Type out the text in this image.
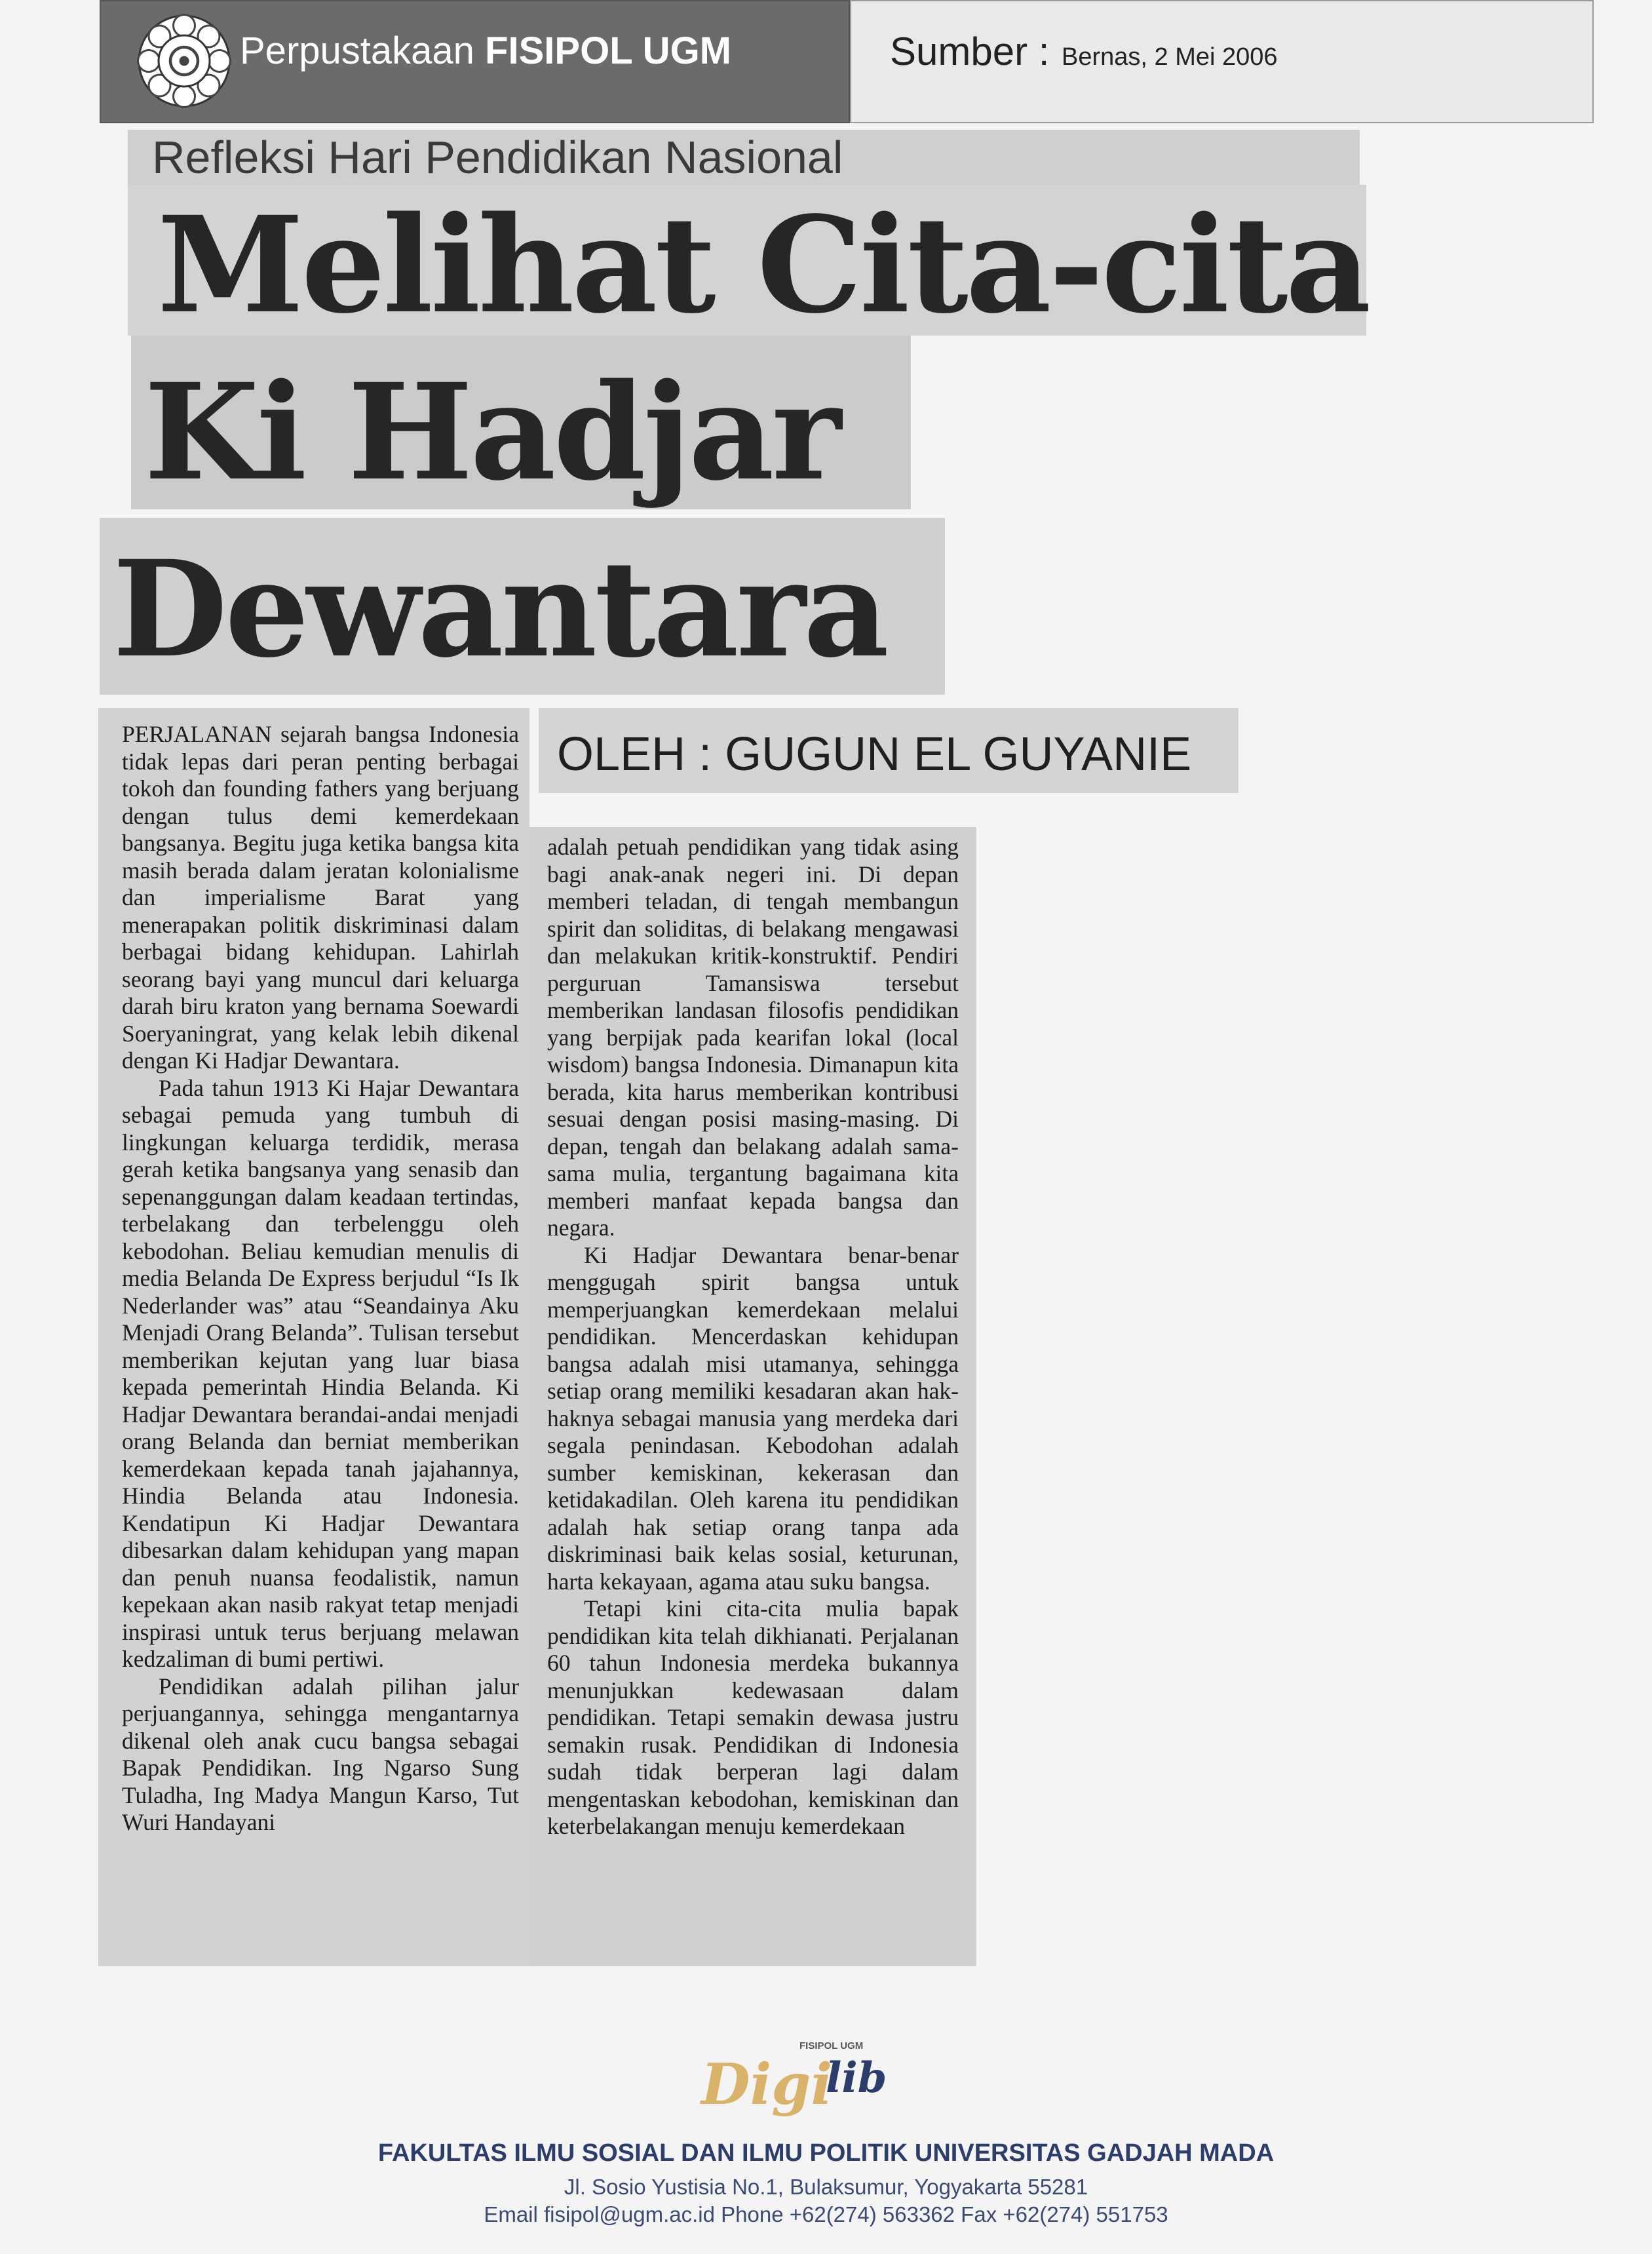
Perpustakaan FISIPOL UGM	Sumber : Bernas, 2 Mei 2006
Refleksi Hari Pendidikan Nasional
Melihat Cita-cita
Ki Hadjar
Dewantara
OLEH : GUGUN EL GUYANIE

PERJALANAN sejarah bangsa Indonesia tidak lepas dari peran penting berbagai tokoh dan founding fathers yang berjuang dengan tulus demi kemerdekaan bangsanya. Begitu juga ketika bangsa kita masih berada dalam jeratan kolonialisme dan imperialisme Barat yang menerapakan politik diskriminasi dalam berbagai bidang kehidupan. Lahirlah seorang bayi yang muncul dari keluarga darah biru kraton yang bernama Soewardi Soeryaningrat, yang kelak lebih dikenal dengan Ki Hadjar Dewantara.

Pada tahun 1913 Ki Hajar Dewantara sebagai pemuda yang tumbuh di lingkungan keluarga terdidik, merasa gerah ketika bangsanya yang senasib dan sepenanggungan dalam keadaan tertindas, terbelakang dan terbelenggu oleh kebodohan. Beliau kemudian menulis di media Belanda De Express berjudul “Is Ik Nederlander was” atau “Seandainya Aku Menjadi Orang Belanda”. Tulisan tersebut memberikan kejutan yang luar biasa kepada pemerintah Hindia Belanda. Ki Hadjar Dewantara berandai-andai menjadi orang Belanda dan berniat memberikan kemerdekaan kepada tanah jajahannya, Hindia Belanda atau Indonesia. Kendatipun Ki Hadjar Dewantara dibesarkan dalam kehidupan yang mapan dan penuh nuansa feodalistik, namun kepekaan akan nasib rakyat tetap menjadi inspirasi untuk terus berjuang melawan kedzaliman di bumi pertiwi.

Pendidikan adalah pilihan jalur perjuangannya, sehingga mengantarnya dikenal oleh anak cucu bangsa sebagai Bapak Pendidikan. Ing Ngarso Sung Tuladha, Ing Madya Mangun Karso, Tut Wuri Handayani

adalah petuah pendidikan yang tidak asing bagi anak-anak negeri ini. Di depan memberi teladan, di tengah membangun spirit dan soliditas, di belakang mengawasi dan melakukan kritik-konstruktif. Pendiri perguruan Tamansiswa tersebut memberikan landasan filosofis pendidikan yang berpijak pada kearifan lokal (local wisdom) bangsa Indonesia. Dimanapun kita berada, kita harus memberikan kontribusi sesuai dengan posisi masing-masing. Di depan, tengah dan belakang adalah sama-sama mulia, tergantung bagaimana kita memberi manfaat kepada bangsa dan negara.

Ki Hadjar Dewantara benar-benar menggugah spirit bangsa untuk memperjuangkan kemerdekaan melalui pendidikan. Mencerdaskan kehidupan bangsa adalah misi utamanya, sehingga setiap orang memiliki kesadaran akan hak-haknya sebagai manusia yang merdeka dari segala penindasan. Kebodohan adalah sumber kemiskinan, kekerasan dan ketidakadilan. Oleh karena itu pendidikan adalah hak setiap orang tanpa ada diskriminasi baik kelas sosial, keturunan, harta kekayaan, agama atau suku bangsa.

Tetapi kini cita-cita mulia bapak pendidikan kita telah dikhianati. Perjalanan 60 tahun Indonesia merdeka bukannya menunjukkan kedewasaan dalam pendidikan. Tetapi semakin dewasa justru semakin rusak. Pendidikan di Indonesia sudah tidak berperan lagi dalam mengentaskan kebodohan, kemiskinan dan keterbelakangan menuju kemerdekaan

FISIPOL UGM
Digi
lib
FAKULTAS ILMU SOSIAL DAN ILMU POLITIK UNIVERSITAS GADJAH MADA
Jl. Sosio Yustisia No.1, Bulaksumur, Yogyakarta 55281
Email fisipol@ugm.ac.id Phone +62(274) 563362 Fax +62(274) 551753
